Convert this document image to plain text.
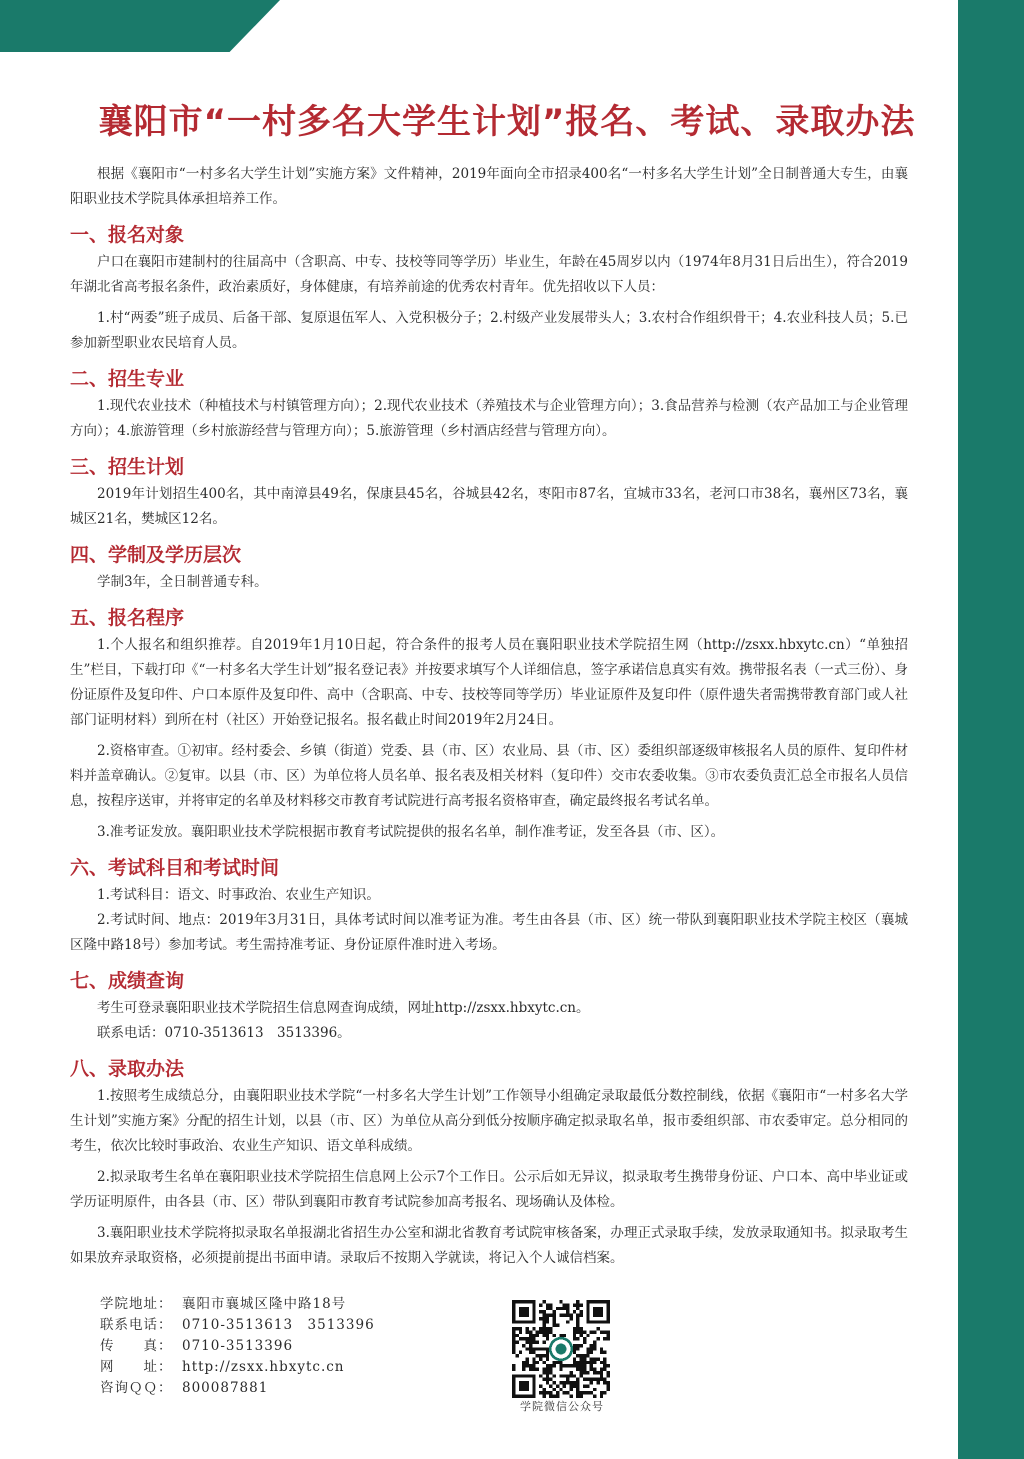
襄阳市“一村多名大学生计划”报名、考试、录取办法

根据《襄阳市“一村多名大学生计划”实施方案》文件精神，2019年面向全市招录400名“一村多名大学生计划”全日制普通大专生，由襄阳职业技术学院具体承担培养工作。

一、报名对象

户口在襄阳市建制村的往届高中（含职高、中专、技校等同等学历）毕业生，年龄在45周岁以内（1974年8月31日后出生），符合2019年湖北省高考报名条件，政治素质好，身体健康，有培养前途的优秀农村青年。优先招收以下人员：

1.村“两委”班子成员、后备干部、复原退伍军人、入党积极分子；2.村级产业发展带头人；3.农村合作组织骨干；4.农业科技人员；5.已参加新型职业农民培育人员。

二、招生专业

1.现代农业技术（种植技术与村镇管理方向）；2.现代农业技术（养殖技术与企业管理方向）；3.食品营养与检测（农产品加工与企业管理方向）；4.旅游管理（乡村旅游经营与管理方向）；5.旅游管理（乡村酒店经营与管理方向）。

三、招生计划

2019年计划招生400名，其中南漳县49名，保康县45名，谷城县42名，枣阳市87名，宜城市33名，老河口市38名，襄州区73名，襄城区21名，樊城区12名。

四、学制及学历层次

学制3年，全日制普通专科。

五、报名程序

1.个人报名和组织推荐。自2019年1月10日起，符合条件的报考人员在襄阳职业技术学院招生网（http://zsxx.hbxytc.cn）“单独招生”栏目，下载打印《“一村多名大学生计划”报名登记表》并按要求填写个人详细信息，签字承诺信息真实有效。携带报名表（一式三份）、身份证原件及复印件、户口本原件及复印件、高中（含职高、中专、技校等同等学历）毕业证原件及复印件（原件遗失者需携带教育部门或人社部门证明材料）到所在村（社区）开始登记报名。报名截止时间2019年2月24日。

2.资格审查。①初审。经村委会、乡镇（街道）党委、县（市、区）农业局、县（市、区）委组织部逐级审核报名人员的原件、复印件材料并盖章确认。②复审。以县（市、区）为单位将人员名单、报名表及相关材料（复印件）交市农委收集。③市农委负责汇总全市报名人员信息，按程序送审，并将审定的名单及材料移交市教育考试院进行高考报名资格审查，确定最终报名考试名单。

3.准考证发放。襄阳职业技术学院根据市教育考试院提供的报名名单，制作准考证，发至各县（市、区）。

六、考试科目和考试时间

1.考试科目：语文、时事政治、农业生产知识。

2.考试时间、地点：2019年3月31日，具体考试时间以准考证为准。考生由各县（市、区）统一带队到襄阳职业技术学院主校区（襄城区隆中路18号）参加考试。考生需持准考证、身份证原件准时进入考场。

七、成绩查询

考生可登录襄阳职业技术学院招生信息网查询成绩，网址http://zsxx.hbxytc.cn。

联系电话：0710-3513613　3513396。

八、录取办法

1.按照考生成绩总分，由襄阳职业技术学院“一村多名大学生计划”工作领导小组确定录取最低分数控制线，依据《襄阳市“一村多名大学生计划”实施方案》分配的招生计划，以县（市、区）为单位从高分到低分按顺序确定拟录取名单，报市委组织部、市农委审定。总分相同的考生，依次比较时事政治、农业生产知识、语文单科成绩。

2.拟录取考生名单在襄阳职业技术学院招生信息网上公示7个工作日。公示后如无异议，拟录取考生携带身份证、户口本、高中毕业证或学历证明原件，由各县（市、区）带队到襄阳市教育考试院参加高考报名、现场确认及体检。

3.襄阳职业技术学院将拟录取名单报湖北省招生办公室和湖北省教育考试院审核备案，办理正式录取手续，发放录取通知书。拟录取考生如果放弃录取资格，必须提前提出书面申请。录取后不按期入学就读，将记入个人诚信档案。

学院地址： 襄阳市襄城区隆中路18号
联系电话： 0710-3513613　3513396
传　　真： 0710-3513396
网　　址： http://zsxx.hbxytc.cn
咨询ＱＱ： 800087881
学院微信公众号
